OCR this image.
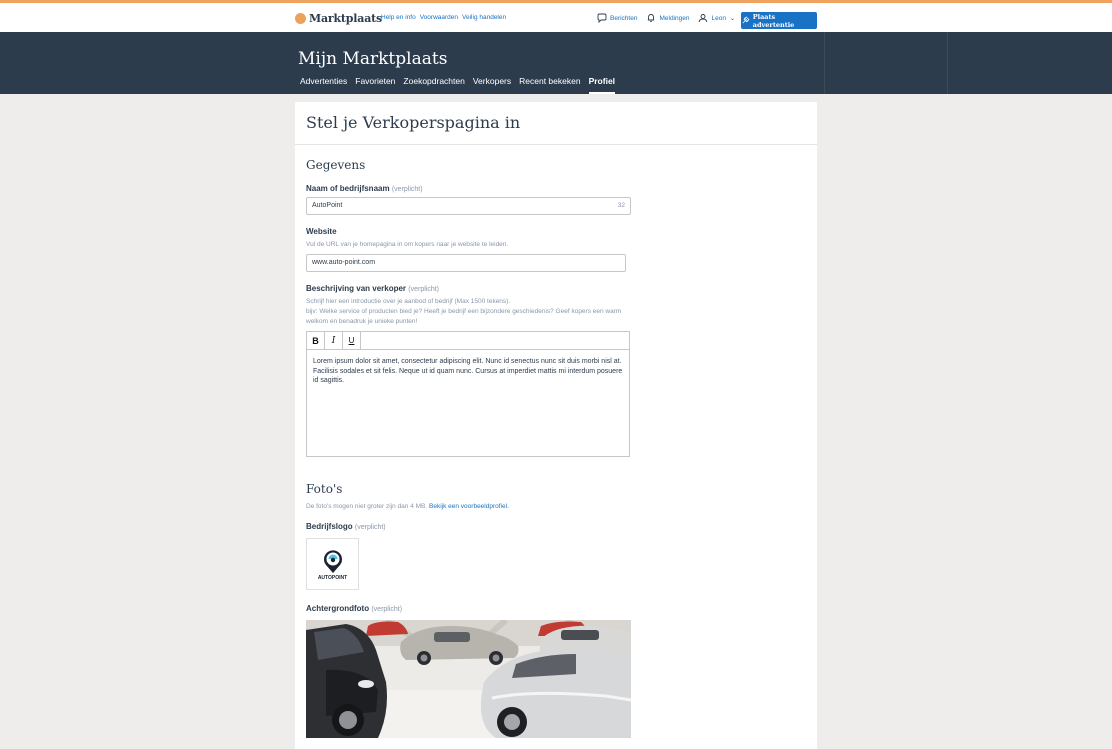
Marktplaats
Help en info Voorwaarden Veilig handelen	Berichten	Meldingen	Leon ⌄	Plaats advertentie
Mijn Marktplaats
Advertenties Favorieten Zoekopdrachten Verkopers Recent bekeken Profiel
Stel je Verkoperspagina in
Gegevens
Naam of bedrijfsnaam (verplicht)
AutoPoint	32
Website
Vul de URL van je homepagina in om kopers naar je website te leiden.
www.auto-point.com
Beschrijving van verkoper (verplicht)
Schrijf hier een introductie over je aanbod of bedrijf (Max 1500 tekens).
bijv: Welke service of producten bied je? Heeft je bedrijf een bijzondere geschiedenis? Geef kopers een warm welkom en benadruk je unieke punten!
B	I	U
Lorem ipsum dolor sit amet, consectetur adipiscing elit. Nunc id senectus nunc sit duis morbi nisl at. Facilisis sodales et sit felis. Neque ut id quam nunc. Cursus at imperdiet mattis mi interdum posuere id sagittis.
Foto's
De foto's mogen niet groter zijn dan 4 MB. Bekijk een voorbeeldprofiel.
Bedrijfslogo (verplicht)
AUTOPOINT
Achtergrondfoto (verplicht)
